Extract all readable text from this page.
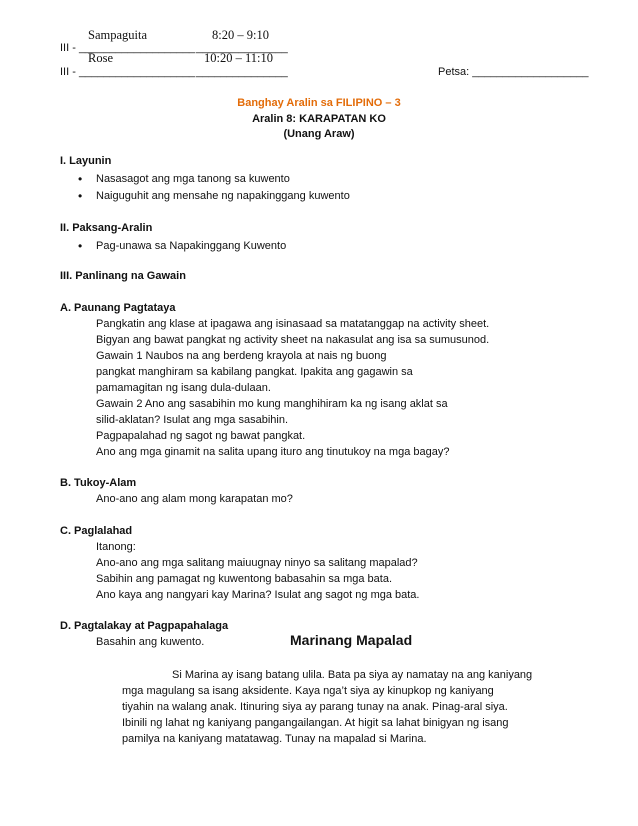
Sampaguita	8:20 – 9:10
III - ___________________ _______________
Rose	10:20 – 11:10
III - ___________________ _______________	Petsa: ___________________
Banghay Aralin sa FILIPINO – 3
Aralin 8: KARAPATAN KO
(Unang Araw)
I. Layunin
• Nasasagot ang mga tanong sa kuwento
• Naiguguhit ang mensahe ng napakinggang kuwento
II. Paksang-Aralin
• Pag-unawa sa Napakinggang Kuwento
III. Panlinang na Gawain
A. Paunang Pagtataya
Pangkatin ang klase at ipagawa ang isinasaad sa matatanggap na activity sheet.
Bigyan ang bawat pangkat ng activity sheet na nakasulat ang isa sa sumusunod.
Gawain 1 Naubos na ang berdeng krayola at nais ng buong
pangkat manghiram sa kabilang pangkat. Ipakita ang gagawin sa
pamamagitan ng isang dula-dulaan.
Gawain 2 Ano ang sasabihin mo kung manghihiram ka ng isang aklat sa
silid-aklatan? Isulat ang mga sasabihin.
Pagpapalahad ng sagot ng bawat pangkat.
Ano ang mga ginamit na salita upang ituro ang tinutukoy na mga bagay?
B. Tukoy-Alam
Ano-ano ang alam mong karapatan mo?
C. Paglalahad
Itanong:
Ano-ano ang mga salitang maiuugnay ninyo sa salitang mapalad?
Sabihin ang pamagat ng kuwentong babasahin sa mga bata.
Ano kaya ang nangyari kay Marina? Isulat ang sagot ng mga bata.
D. Pagtalakay at Pagpapahalaga
Basahin ang kuwento.	Marinang Mapalad
Si Marina ay isang batang ulila. Bata pa siya ay namatay na ang kaniyang
mga magulang sa isang aksidente. Kaya nga’t siya ay kinupkop ng kaniyang
tiyahin na walang anak. Itinuring siya ay parang tunay na anak. Pinag-aral siya.
Ibinili ng lahat ng kaniyang pangangailangan. At higit sa lahat binigyan ng isang
pamilya na kaniyang matatawag. Tunay na mapalad si Marina.
